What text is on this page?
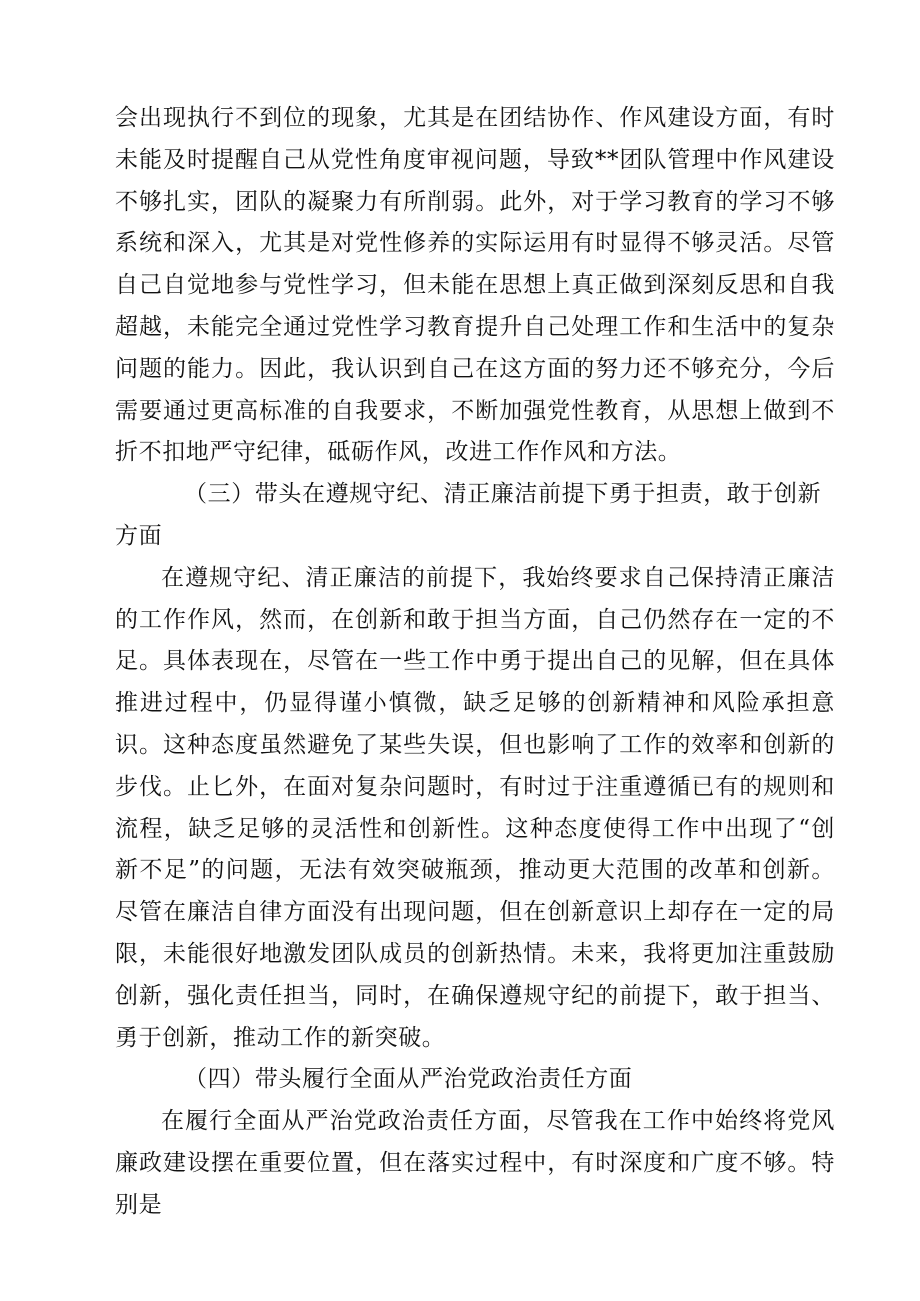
会出现执行不到位的现象，尤其是在团结协作、作风建设方面，有时未能及时提醒自己从党性角度审视问题，导致**团队管理中作风建设不够扎实，团队的凝聚力有所削弱。此外，对于学习教育的学习不够系统和深入，尤其是对党性修养的实际运用有时显得不够灵活。尽管自己自觉地参与党性学习，但未能在思想上真正做到深刻反思和自我超越，未能完全通过党性学习教育提升自己处理工作和生活中的复杂问题的能力。因此，我认识到自己在这方面的努力还不够充分，今后需要通过更高标准的自我要求，不断加强党性教育，从思想上做到不折不扣地严守纪律，砥砺作风，改进工作作风和方法。

（三）带头在遵规守纪、清正廉洁前提下勇于担责，敢于创新方面

在遵规守纪、清正廉洁的前提下，我始终要求自己保持清正廉洁的工作作风，然而，在创新和敢于担当方面，自己仍然存在一定的不足。具体表现在，尽管在一些工作中勇于提出自己的见解，但在具体推进过程中，仍显得谨小慎微，缺乏足够的创新精神和风险承担意识。这种态度虽然避免了某些失误，但也影响了工作的效率和创新的步伐。止匕外，在面对复杂问题时，有时过于注重遵循已有的规则和流程，缺乏足够的灵活性和创新性。这种态度使得工作中出现了“创新不足”的问题，无法有效突破瓶颈，推动更大范围的改革和创新。尽管在廉洁自律方面没有出现问题，但在创新意识上却存在一定的局限，未能很好地激发团队成员的创新热情。未来，我将更加注重鼓励创新，强化责任担当，同时，在确保遵规守纪的前提下，敢于担当、勇于创新，推动工作的新突破。

（四）带头履行全面从严治党政治责任方面

在履行全面从严治党政治责任方面，尽管我在工作中始终将党风廉政建设摆在重要位置，但在落实过程中，有时深度和广度不够。特别是
